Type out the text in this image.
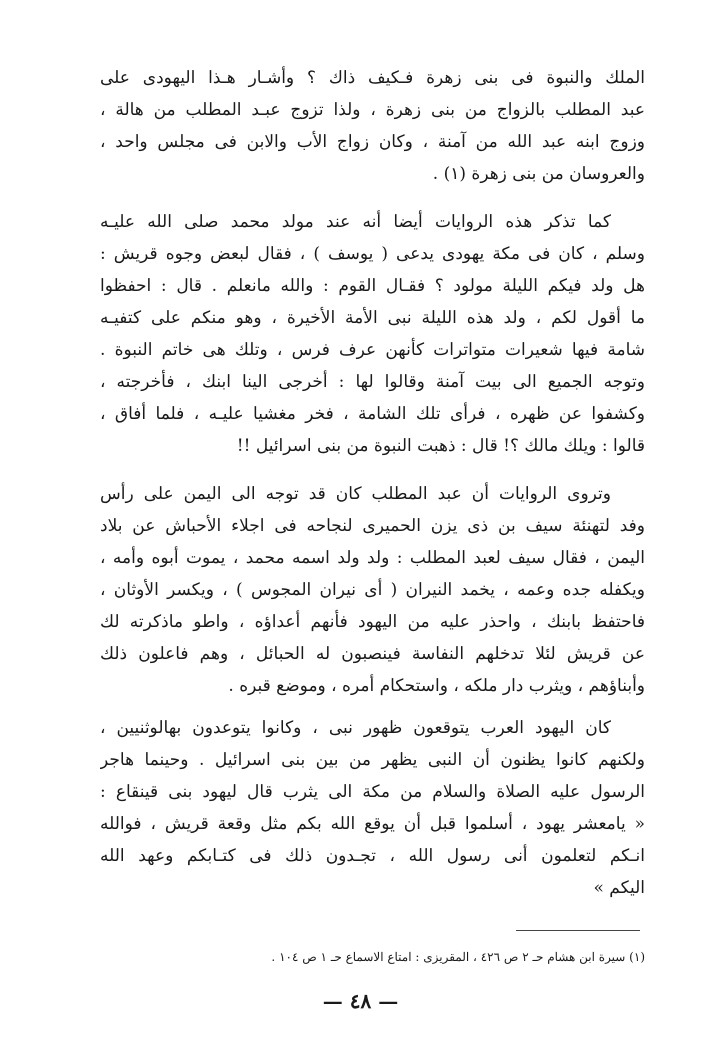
الملك والنبوة فى بنى زهرة فـكيف ذاك ؟ وأشـار هـذا اليهودى على
عبد المطلب بالزواج من بنى زهرة ، ولذا تزوج عبـد المطلب من هالة ،
وزوج ابنه عبد الله من آمنة ، وكان زواج الأب والابن فى مجلس واحد ،
والعروسان من بنى زهرة (١) .
كما تذكر هذه الروايات أيضا أنه عند مولد محمد صلى الله عليـه
وسلم ، كان فى مكة يهودى يدعى ( يوسف ) ، فقال لبعض وجوه قريش :
هل ولد فيكم الليلة مولود ؟ فقـال القوم : والله مانعلم . قال : احفظوا
ما أقول لكم ، ولد هذه الليلة نبى الأمة الأخيرة ، وهو منكم على كتفيـه
شامة فيها شعيرات متواترات كأنهن عرف فرس ، وتلك هى خاتم النبوة .
وتوجه الجميع الى بيت آمنة وقالوا لها : أخرجى الينا ابنك ، فأخرجته ،
وكشفوا عن ظهره ، فرأى تلك الشامة ، فخر مغشيا عليـه ، فلما أفاق ،
قالوا : ويلك مالك ؟! قال : ذهبت النبوة من بنى اسرائيل !!
وتروى الروايات أن عبد المطلب كان قد توجه الى اليمن على رأس
وفد لتهنئة سيف بن ذى يزن الحميرى لنجاحه فى اجلاء الأحباش عن بلاد
اليمن ، فقال سيف لعبد المطلب : ولد ولد اسمه محمد ، يموت أبوه وأمه ،
ويكفله جده وعمه ، يخمد النيران ( أى نيران المجوس ) ، ويكسر الأوثان ،
فاحتفظ بابنك ، واحذر عليه من اليهود فأنهم أعداؤه ، واطو ماذكرته لك
عن قريش لئلا تدخلهم النفاسة فينصبون له الحبائل ، وهم فاعلون ذلك
وأبناؤهم ، ويثرب دار ملكه ، واستحكام أمره ، وموضع قبره .
كان اليهود العرب يتوقعون ظهور نبى ، وكانوا يتوعدون بهالوثنيين ،
ولكنهم كانوا يظنون أن النبى يظهر من بين بنى اسرائيل . وحينما هاجر
الرسول عليه الصلاة والسلام من مكة الى يثرب قال ليهود بنى قينقاع :
« يامعشر يهود ، أسلموا قبل أن يوقع الله بكم مثل وقعة قريش ، فوالله
انـكم لتعلمون أنى رسول الله ، تجـدون ذلك فى كتـابكم وعهد الله
اليكم »
(١) سيرة ابن هشام حـ ٢ ص ٤٢٦ ، المقريزى : امتاع الاسماع حـ ١ ص ١٠٤ .
— ٤٨ —
